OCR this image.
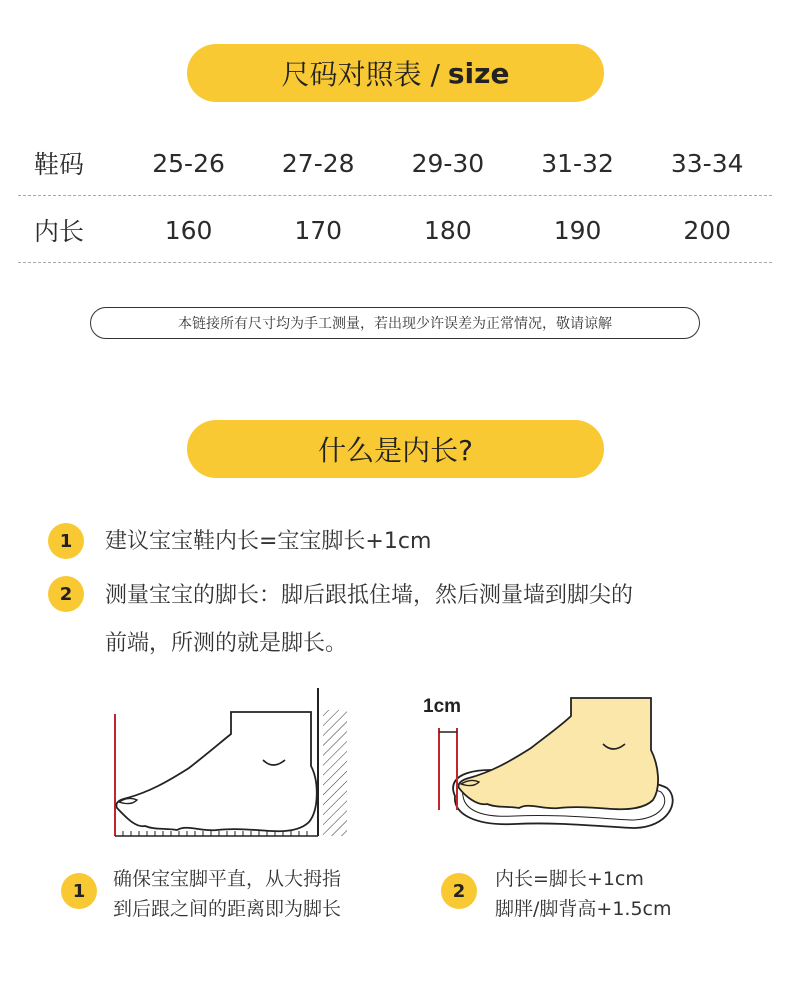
尺码对照表 / size
鞋码	25-26	27-28	29-30	31-32	33-34
内长	160	170	180	190	200
本链接所有尺寸均为手工测量，若出现少许误差为正常情况，敬请谅解
什么是内长?
1	建议宝宝鞋内长=宝宝脚长+1cm
2	测量宝宝的脚长：脚后跟抵住墙，然后测量墙到脚尖的
前端，所测的就是脚长。
1cm
1
确保宝宝脚平直，从大拇指
到后跟之间的距离即为脚长
2
内长=脚长+1cm
脚胖/脚背高+1.5cm
